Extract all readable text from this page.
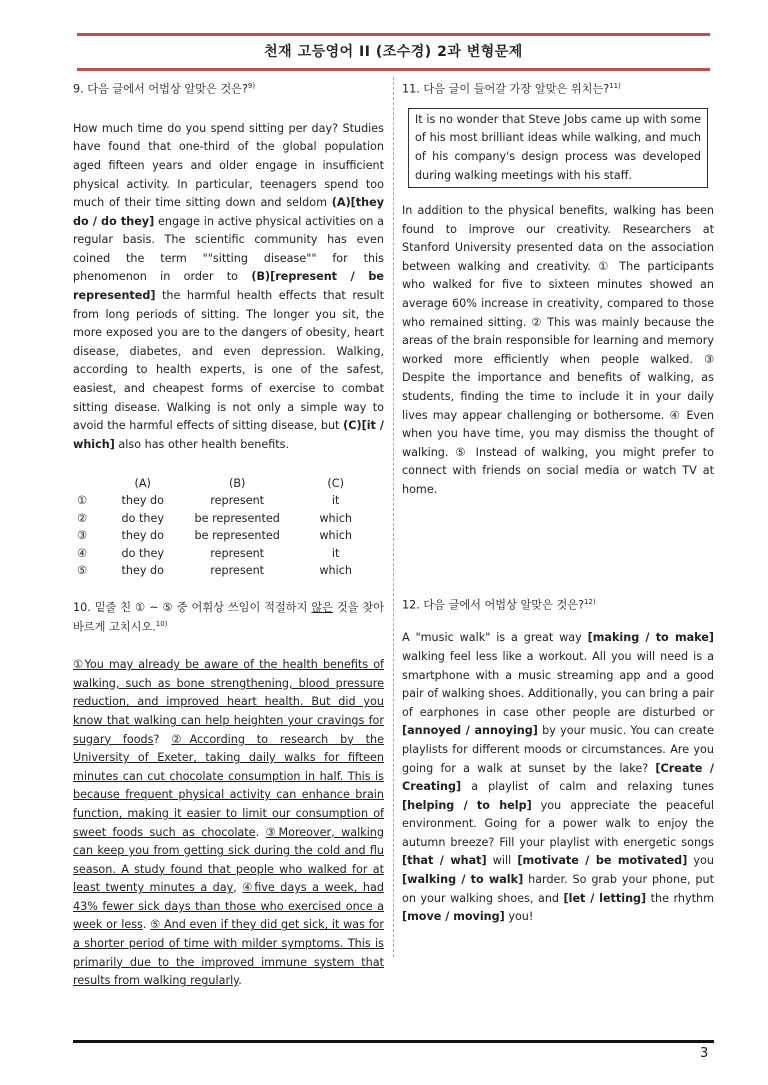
천재 고등영어 II (조수경) 2과 변형문제

9. 다음 글에서 어법상 알맞은 것은?$^{9)}$

How much time do you spend sitting per day? Studies have found that one-third of the global population aged fifteen years and older engage in insufficient physical activity. In particular, teenagers spend too much of their time sitting down and seldom (A)[they do / do they] engage in active physical activities on a regular basis. The scientific community has even coined the term ""sitting disease"" for this phenomenon in order to (B)[represent / be represented] the harmful health effects that result from long periods of sitting. The longer you sit, the more exposed you are to the dangers of obesity, heart disease, diabetes, and even depression. Walking, according to health experts, is one of the safest, easiest, and cheapest forms of exercise to combat sitting disease. Walking is not only a simple way to avoid the harmful effects of sitting disease, but (C)[it / which] also has other health benefits.

	(A)	(B)	(C)
①	they do	represent	it
②	do they	be represented	which
③	they do	be represented	which
④	do they	represent	it
⑤	they do	represent	which

10. 밑줄 친 ① ~ ⑤ 중 어휘상 쓰임이 적절하지 않은 것을 찾아 바르게 고치시오.$^{10)}$

①You may already be aware of the health benefits of walking, such as bone strengthening, blood pressure reduction, and improved heart health. But did you know that walking can help heighten your cravings for sugary foods? ②According to research by the University of Exeter, taking daily walks for fifteen minutes can cut chocolate consumption in half. This is because frequent physical activity can enhance brain function, making it easier to limit our consumption of sweet foods such as chocolate. ③Moreover, walking can keep you from getting sick during the cold and flu season. A study found that people who walked for at least twenty minutes a day, ④five days a week, had 43% fewer sick days than those who exercised once a week or less. ⑤ And even if they did get sick, it was for a shorter period of time with milder symptoms. This is primarily due to the improved immune system that results from walking regularly.

11. 다음 글이 들어갈 가장 알맞은 위치는?$^{11)}$

It is no wonder that Steve Jobs came up with some of his most brilliant ideas while walking, and much of his company's design process was developed during walking meetings with his staff.

In addition to the physical benefits, walking has been found to improve our creativity. Researchers at Stanford University presented data on the association between walking and creativity. ① The participants who walked for five to sixteen minutes showed an average 60% increase in creativity, compared to those who remained sitting. ② This was mainly because the areas of the brain responsible for learning and memory worked more efficiently when people walked. ③ Despite the importance and benefits of walking, as students, finding the time to include it in your daily lives may appear challenging or bothersome. ④ Even when you have time, you may dismiss the thought of walking. ⑤ Instead of walking, you might prefer to connect with friends on social media or watch TV at home.

12. 다음 글에서 어법상 알맞은 것은?$^{12)}$

A "music walk" is a great way [making / to make] walking feel less like a workout. All you will need is a smartphone with a music streaming app and a good pair of walking shoes. Additionally, you can bring a pair of earphones in case other people are disturbed or [annoyed / annoying] by your music. You can create playlists for different moods or circumstances. Are you going for a walk at sunset by the lake? [Create / Creating] a playlist of calm and relaxing tunes [helping / to help] you appreciate the peaceful environment. Going for a power walk to enjoy the autumn breeze? Fill your playlist with energetic songs [that / what] will [motivate / be motivated] you [walking / to walk] harder. So grab your phone, put on your walking shoes, and [let / letting] the rhythm [move / moving] you!

3
